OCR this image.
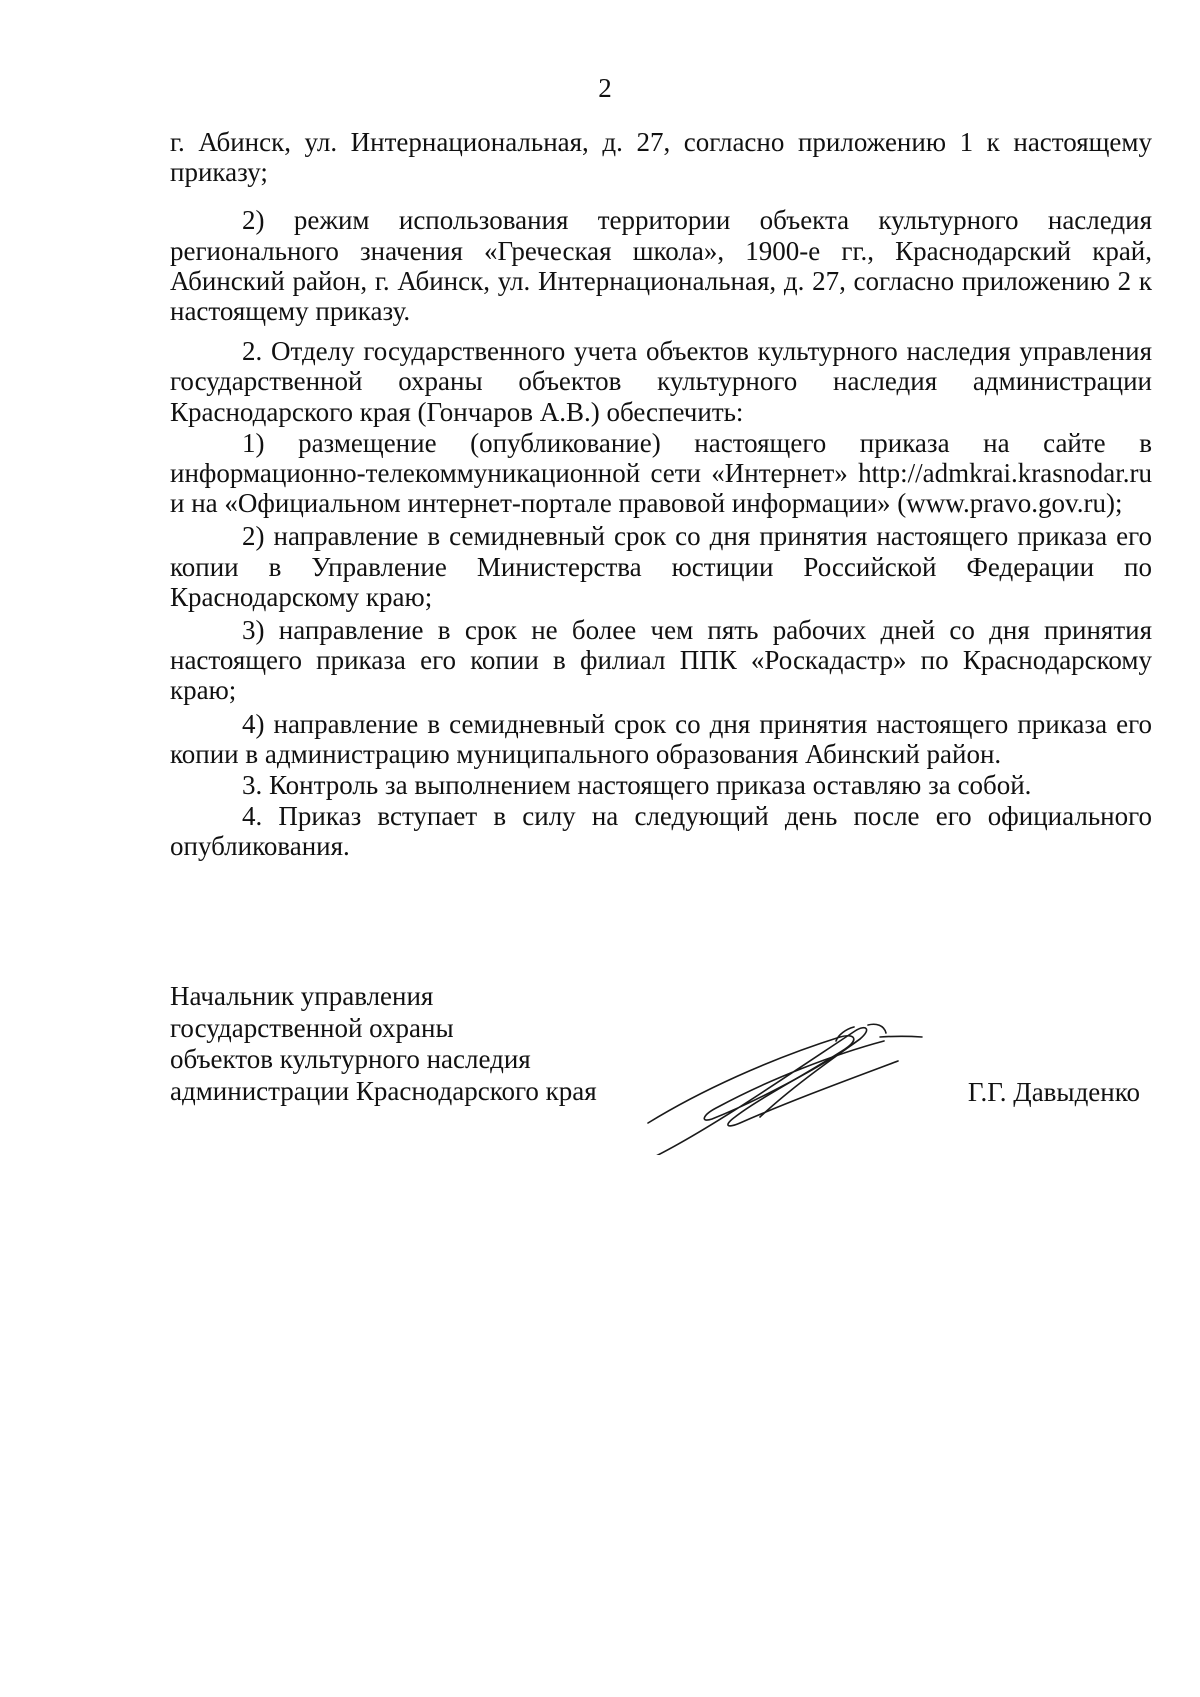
2

г. Абинск, ул. Интернациональная, д. 27, согласно приложению 1 к настоящему приказу;

2) режим использования территории объекта культурного наследия регионального значения «Греческая школа», 1900-е гг., Краснодарский край, Абинский район, г. Абинск, ул. Интернациональная, д. 27, согласно приложению 2 к настоящему приказу.

2. Отделу государственного учета объектов культурного наследия управления государственной охраны объектов культурного наследия администрации Краснодарского края (Гончаров А.В.) обеспечить:

1) размещение (опубликование) настоящего приказа на сайте в информационно-телекоммуникационной сети «Интернет» http://admkrai.krasnodar.ru и на «Официальном интернет-портале правовой информации» (www.pravo.gov.ru);

2) направление в семидневный срок со дня принятия настоящего приказа его копии в Управление Министерства юстиции Российской Федерации по Краснодарскому краю;

3) направление в срок не более чем пять рабочих дней со дня принятия настоящего приказа его копии в филиал ППК «Роскадастр» по Краснодарскому краю;

4) направление в семидневный срок со дня принятия настоящего приказа его копии в администрацию муниципального образования Абинский район.

3. Контроль за выполнением настоящего приказа оставляю за собой.

4. Приказ вступает в силу на следующий день после его официального опубликования.

Начальник управления
государственной охраны
объектов культурного наследия
администрации Краснодарского края	Г.Г. Давыденко
